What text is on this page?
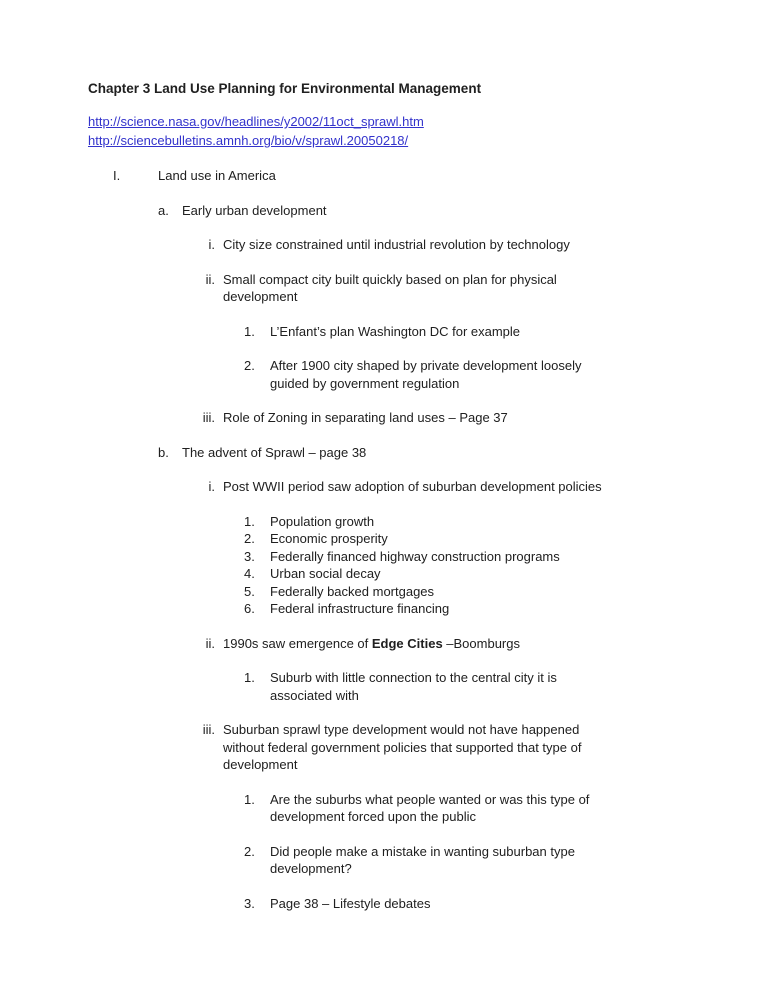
Chapter 3 Land Use Planning for Environmental Management
http://science.nasa.gov/headlines/y2002/11oct_sprawl.htm
http://sciencebulletins.amnh.org/bio/v/sprawl.20050218/
I.	Land use in America
a.	Early urban development
i. City size constrained until industrial revolution by technology
ii. Small compact city built quickly based on plan for physical
development
1.	L’Enfant’s plan Washington DC for example
2.	After 1900 city shaped by private development loosely
guided by government regulation
iii. Role of Zoning in separating land uses – Page 37
b.	The advent of Sprawl – page 38
i. Post WWII period saw adoption of suburban development policies
1.	Population growth
2.	Economic prosperity
3.	Federally financed highway construction programs
4.	Urban social decay
5.	Federally backed mortgages
6.	Federal infrastructure financing
ii. 1990s saw emergence of Edge Cities –Boomburgs
1.	Suburb with little connection to the central city it is
associated with
iii. Suburban sprawl type development would not have happened
without federal government policies that supported that type of
development
1.	Are the suburbs what people wanted or was this type of
development forced upon the public
2.	Did people make a mistake in wanting suburban type
development?
3.	Page 38 – Lifestyle debates
